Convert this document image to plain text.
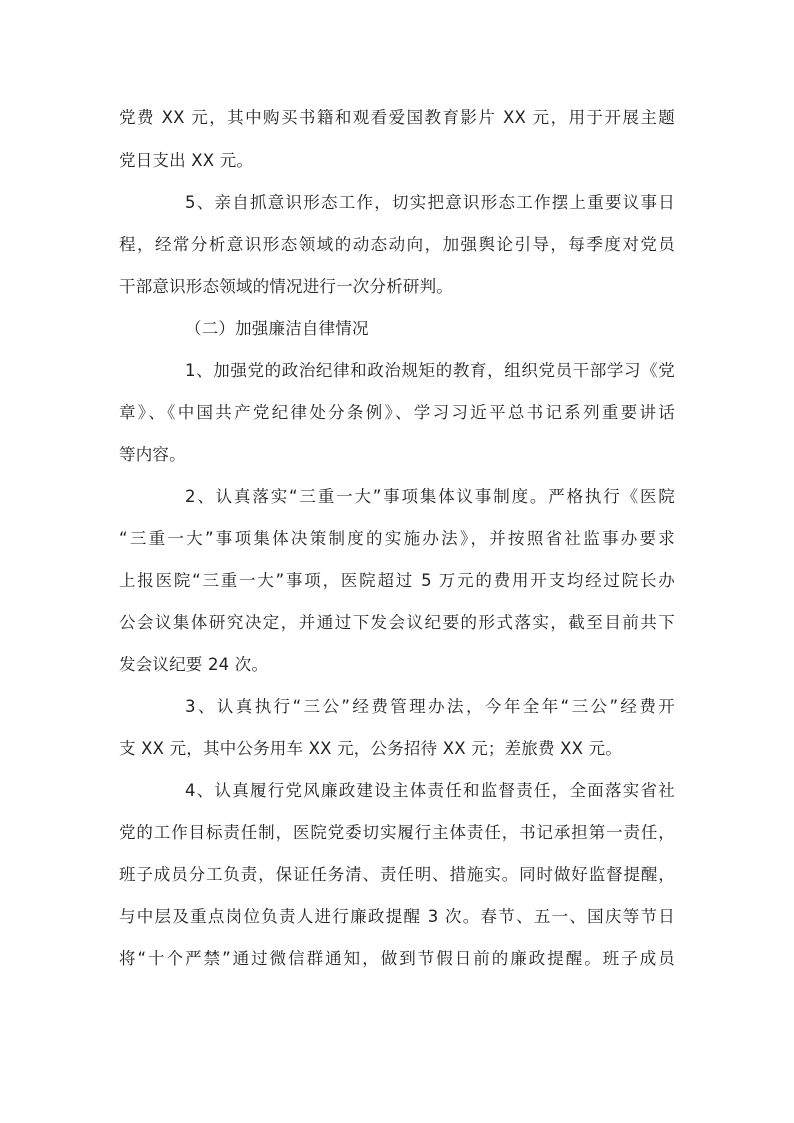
党费 XX 元，其中购买书籍和观看爱国教育影片 XX 元，用于开展主题
党日支出 XX 元。
5、亲自抓意识形态工作，切实把意识形态工作摆上重要议事日
程，经常分析意识形态领域的动态动向，加强舆论引导，每季度对党员
干部意识形态领域的情况进行一次分析研判。
（二）加强廉洁自律情况
1、加强党的政治纪律和政治规矩的教育，组织党员干部学习《党
章》、《中国共产党纪律处分条例》、学习习近平总书记系列重要讲话
等内容。
2、认真落实“三重一大”事项集体议事制度。严格执行《医院
“三重一大”事项集体决策制度的实施办法》，并按照省社监事办要求
上报医院“三重一大”事项，医院超过 5 万元的费用开支均经过院长办
公会议集体研究决定，并通过下发会议纪要的形式落实，截至目前共下
发会议纪要 24 次。
3、认真执行“三公”经费管理办法，今年全年“三公”经费开
支 XX 元，其中公务用车 XX 元，公务招待 XX 元；差旅费 XX 元。
4、认真履行党风廉政建设主体责任和监督责任，全面落实省社
党的工作目标责任制，医院党委切实履行主体责任，书记承担第一责任，
班子成员分工负责，保证任务清、责任明、措施实。同时做好监督提醒，
与中层及重点岗位负责人进行廉政提醒 3 次。春节、五一、国庆等节日
将“十个严禁”通过微信群通知，做到节假日前的廉政提醒。班子成员
